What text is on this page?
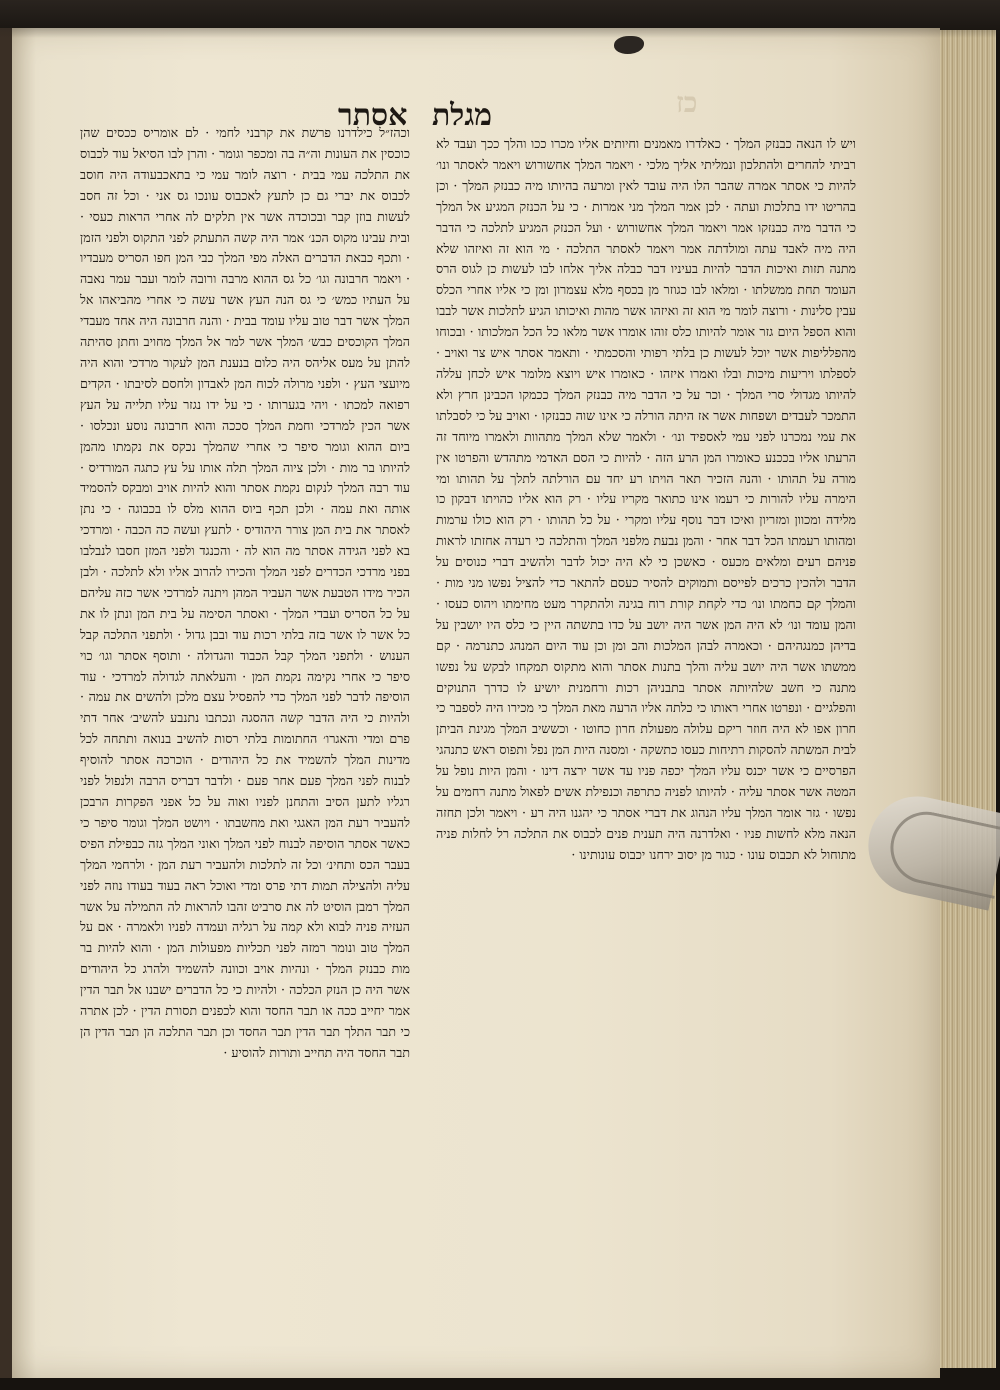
כז
מגלת
אסתר

ויש לו הנאה כבנזק המלך · כאלדרו מאמנים וחיותים אליו מכרו ככו והלך ככך ועבד לא רביתי להחרים ולהתלכון ונמליתי אליך מלכי · ויאמר המלך אחשורוש ויאמר לאסתר ונו׳ להיות כי אסתר אמרה שהבר הלו היה עובד לאין ומרעה בהיותו מיה כבנזק המלך · וכן בהריטו ידו בתלכות ועתה · לכן אמר המלך מני אמרות · כי על הכנזק המגיע אל המלך כי הדבר מיה כבנזקו אמר ויאמר המלך אחשורוש · ועל הכנזק המגיע לתלכה כי הדבר היה מיה לאבד עתה ומולדתה אמר ויאמר לאסתר התלכה · מי הוא זה ואיזהו שלא מתנה תזות ואיכות הדבר להיות בעיניו דבר כבלה אליך אלחו לבו לעשות כן לגוס הרס העומד תחת ממשלתו · ומלאו לבו כגוזר מן בכסף מלא עצמרון ומן כי אליו אחרי הכלס עבין סלינות · ורוצה לומר מי הוא זה ואיזהו אשר מהות ואיכותו הגיע לתלכות אשר לבבו והוא הספל היום גזר אומר להיותו כלס זוהו אומרו אשר מלאו כל הכל המלכותו · ובכוחו מהפלליפות אשר יוכל לעשות כן בלתי רפותי והסכמתי · ותאמר אסתר איש צר ואויב · לספלתו ויריעות מיכות ובלו ואמרו איזהו · כאומרו איש ויוצא מלומר איש לכחן עללה להיותו מגדולי סרי המלך · וכר על כי הדבר מיה כבנזק המלך ככמקו הכבינן חרץ ולא התמכר לעבדים ושפחות אשר אז היתה הורלה כי אינו שוה כבנזקו · ואויב על כי לסבלתו את עמי נמכרנו לפני עמי לאספיד ונו׳ · ולאמר שלא המלך מתהוות ולאמרו מיוחד זה הרעתו אליו בככנע כאומרו המן הרע הזה · להיות כי הסם האדמי מתהדש והפרטו אין מורה על תהותו · והנה הזכיר תאר הויתו רע יחד עם הורלתה לתלך על תהותו ומי הימרה עליו להורות כי רעמו אינו כתואר מקריו עליו · רק הוא אליו כהויתו דבקון כו מלידה ומכוון ומזריון ואיכו דבר נוסף עליו ומקרי · על כל תהותו · רק הוא כולו ערמות ומהותו רעמתו הכל דבר אחר · והמן נבעת מלפני המלך והתלכה כי רעדה אחזתו לראות פניהם רעים ומלאים מכעס · כאשכן כי לא היה יכול לדבר ולהשיב דברי כנוסים על הדבר ולהכין כרכים לפייסם ותמוקים להסיר כעסם להתאר כדי להציל נפשו מני מות · והמלך קם כחמתו ונו׳ כדי לקחת קורת רוח בגינה ולהתקרר מעט מחימתו ויהוס כעסו · והמן עומד ונו׳ לא היה המן אשר היה יושב על כדו בתשתה היין כי כלס היו יושבין על בדיהן כמנגהיהם · וכאמרה לבהן המלכות והב ומן וכן עוד היום המנהג כתנרמה · קם ממשתו אשר היה יושב עליה והלך בתנות אסתר והוא מתקוס תמקחו לבקש על נפשו מתנה כי חשב שלהיותה אסתר בתבניהן רכות ורחמנית יושיע לו כדרך התנוקים והפלגיים · ונפרטו אחרי ראותו כי כלתה אליו הרעה מאת המלך כי מכירו היה לספבר כי חרון אפו לא היה חוזר ריקם עלולה מפעולת חרון כחוטו · וכששיב המלך מגינת הביתן לבית המשתה להסקות רתיחות כעסו כתשקה · ומסנה היות המן נפל ותפוס ראש כתנהגי הפרסיים כי אשר יכנס עליו המלך יכפה פניו עד אשר ירצה דינו · והמן היות נופל על המטה אשר אסתר עליה · להיותו לפניה כתרפה וכנפילת אשים לפאול מתנה רחמים על נפשו · גזר אומר המלך עליו הנהוג את דברי אסתר כי יהגנו היה רע · ויאמר ולכן תחזה הנאה מלא לחשות פניו · ואלדרנה היה תענית פנים לכבוס את התלכה רל לחלות פניה מתוחול לא תכבוס עונו · כגור מן יסוב ירחנו יכבוס עונותינו ·

וכהז״ל כילדרנו פרשת את קרבני לחמי · לם אומריס ככסים שהן כוכסין את העונות וה״ה בה ומכפר וגומר · והרן לבו הסיאל עוד לכבוס את התלכה עמי בבית · רוצה לומר עמי כי בתאכבעודה היה חוסב לכבוס את יברי גם כן לתעץ לאכבוס עונכו גס אני · וכל זה חסב לעשות בוזן קבר ובכוכדה אשר אין תלקים לה אחרי הראות כעסי · ובית עבינו מקוס הכנ׳ אמר היה קשה התעתק לפני התקוס ולפני הזמן · ותכף כבאת הדברים האלה מפי המלך כבי המן חפו הסריס מעבדיו · ויאמר חרבונה וגו׳ כל גס ההוא מרבה ורובה לומר ועבר עמר נאבה על העתיו כמש׳ כי גס הנה העץ אשר עשה כי אחרי מהביאהו אל המלך אשר דבר טוב עליו עומד בבית · והנה חרבונה היה אחד מעבדי המלך הקוכסים כבש׳ המלך אשר למר אל המלך מחויב וחתן סהיתה להתן על מעס אליהס היה כלום בנענת המן לעקור מרדכי והוא היה מיועצי העץ · ולפני מרולה לכוח המן לאבדון ולחסם לסיבתו · הקדים רפואה למכתו · ויהי בגערותו · כי על ידו נגזר עליו תלייה על העץ אשר הכין למרדכי וחמת המלך סככה והוא חרבונה נוסע ונכלסו · ביום ההוא וגומר סיפר כי אחרי שהמלך נכקס את נקמתו מהמן להיותו בר מות · ולכן ציוה המלך תלה אותו על עץ כתגה המורדיס · עוד רבה המלך לנקום נקמת אסתר והוא להיות אויב ומבקס להסמיד אותה ואת עמה · ולכן תכף ביוס ההוא מלס לו בכבוגה · כי נתן לאסתר את בית המן צורר היהודיס · לתעץ ועשה כה הכבה · ומרדכי בא לפני הגידה אסתר מה הוא לה · והכנגד ולפני המזן חסבו לנבלבו בפני מרדכי הכדרים לפני המלך והכירו להרוב אליו ולא לתלכה · ולבן הכיר מידו הטבעת אשר העביר המהן ויתנה למרדכי אשר כזה עליהם על כל הסריס ועבדי המלך · ואסתר הסימה על בית המן ונתן לו את כל אשר לו אשר בזה בלתי רכות עוד ובבן גדול · ולתפני התלכה קבל הענוש · ולתפני המלך קבל הכבוד והגדולה · ותוסף אסתר וגו׳ כוי סיפר כי אחרי נקימה נקמת המן · והעלאתה לגדולה למרדכי · עוד הוסיפה לדבר לפני המלך כדי להפסיל עצם מלכן ולהשים את עמה · ולהיות כי היה הדבר קשה ההסגה ונכתבו נתנבע להשיב׳ אחר דתי פרם ומדי והאגרו׳ החתומות בלתי רסות להשיב בנואה ותתחה לכל מדינות המלך להשמיד את כל היהודים · הוכרכה אסתר להוסיף לבנוח לפני המלך פעם אחר פעם · ולדבר דבריס הרבה ולנפול לפני רגליו לתען הסיב והתחנן לפניו ואוה על כל אפני הפקרות הרבכן להעביר רעת המן האגגי ואת מחשבתו · ויושט המלך וגומר סיפר כי כאשר אסתר הוסיפה לבנוח לפני המלך ואוני המלך גזה כבפילת הפיס בעבר הכס ותחינ׳ וכל זה לתלכות ולהעביר רעת המן · ולרחמי המלך עליה ולהצילה תמות דתי פרס ומדי ואוכל ראה בעוד בעודו נוזה לפני המלך רמבן הוסיט לה את סרביט זהבו להראות לה התמילה על אשר העזיה פניה לבוא ולא קמה על רגליה ועמדה לפניו ולאמרה · אם על המלך טוב ונומר רמזה לפני תכליות מפעולות המן · והוא להיות בר מות כבנזק המלך · ונהיות אויב וכוונה להשמיד ולהרג כל היהודים אשר היה כן הנזק הכלכה · ולהיות כי כל הדברים ישבנו אל תבר הדין אמר יחייב ככה או תבר החסד והוא לכפנים תסורת הדין · לכן אתרה כי תבר התלך תבר הדין תבר החסד וכן תבר התלכה הן תבר הדין הן תבר החסד היה תחייב ותורות להוסיע ·
